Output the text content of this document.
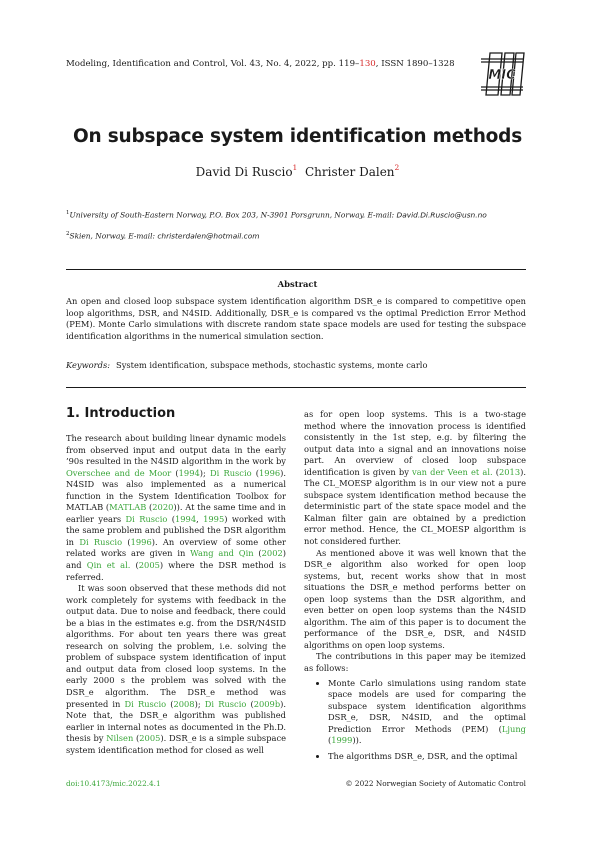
Modeling, Identification and Control, Vol. 43, No. 4, 2022, pp. 119–130, ISSN 1890–1328
MIC
On subspace system identification methods
David Di Ruscio$^1$ Christer Dalen$^2$
$^1$University of South-Eastern Norway, P.O. Box 203, N-3901 Porsgrunn, Norway. E-mail: David.Di.Ruscio@usn.no
$^2$Skien, Norway. E-mail: christerdalen@hotmail.com
Abstract
An open and closed loop subspace system identification algorithm DSR_e is compared to competitive open loop algorithms, DSR, and N4SID. Additionally, DSR_e is compared vs the optimal Prediction Error Method (PEM). Monte Carlo simulations with discrete random state space models are used for testing the subspace identification algorithms in the numerical simulation section.
Keywords: System identification, subspace methods, stochastic systems, monte carlo
1. Introduction

The research about building linear dynamic models from observed input and output data in the early ’90s resulted in the N4SID algorithm in the work by Overschee and de Moor (1994); Di Ruscio (1996). N4SID was also implemented as a numerical function in the System Identification Toolbox for MATLAB (MATLAB (2020)). At the same time and in earlier years Di Ruscio (1994, 1995) worked with the same problem and published the DSR algorithm in Di Ruscio (1996). An overview of some other related works are given in Wang and Qin (2002) and Qin et al. (2005) where the DSR method is referred.

It was soon observed that these methods did not work completely for systems with feedback in the output data. Due to noise and feedback, there could be a bias in the estimates e.g. from the DSR/N4SID algorithms. For about ten years there was great research on solving the problem, i.e. solving the problem of subspace system identification of input and output data from closed loop systems. In the early 2000 s the problem was solved with the DSR_e algorithm. The DSR_e method was presented in Di Ruscio (2008); Di Ruscio (2009b). Note that, the DSR_e algorithm was published earlier in internal notes as documented in the Ph.D. thesis by Nilsen (2005). DSR_e is a simple subspace system identification method for closed as well

as for open loop systems. This is a two-stage method where the innovation process is identified consistently in the 1st step, e.g. by filtering the output data into a signal and an innovations noise part. An overview of closed loop subspace identification is given by van der Veen et al. (2013). The CL_MOESP algorithm is in our view not a pure subspace system identification method because the deterministic part of the state space model and the Kalman filter gain are obtained by a prediction error method. Hence, the CL_MOESP algorithm is not considered further.

As mentioned above it was well known that the DSR_e algorithm also worked for open loop systems, but, recent works show that in most situations the DSR_e method performs better on open loop systems than the DSR algorithm, and even better on open loop systems than the N4SID algorithm. The aim of this paper is to document the performance of the DSR_e, DSR, and N4SID algorithms on open loop systems.

The contributions in this paper may be itemized as follows:

• Monte Carlo simulations using random state space models are used for comparing the subspace system identification algorithms DSR_e, DSR, N4SID, and the optimal Prediction Error Methods (PEM) (Ljung (1999)).
• The algorithms DSR_e, DSR, and the optimal
doi:10.4173/mic.2022.4.1	© 2022 Norwegian Society of Automatic Control
